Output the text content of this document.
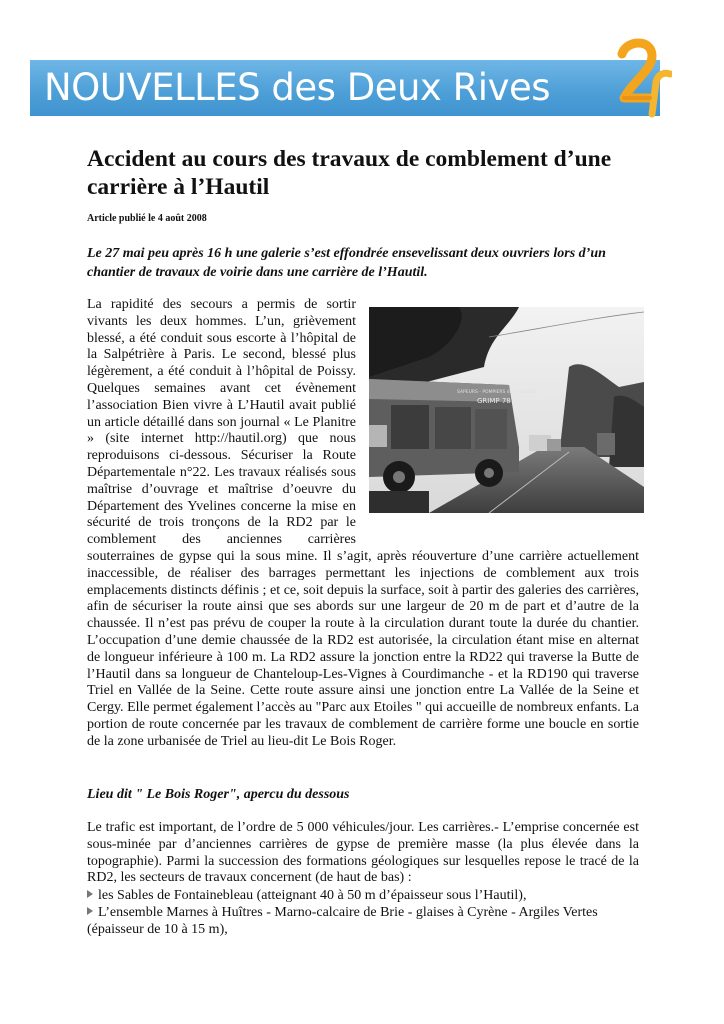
NOUVELLES des Deux Rives
Accident au cours des travaux de comblement d’une carrière à l’Hautil
Article publié le 4 août 2008

Le 27 mai peu après 16 h une galerie s’est effondrée ensevelissant deux ouvriers lors d’un chantier de travaux de voirie dans une carrière de l’Hautil.

SAPEURS - POMPIERS des YVELINES
GRIMP 78

La rapidité des secours a permis de sortir vivants les deux hommes. L’un, grièvement blessé, a été conduit sous escorte à l’hôpital de la Salpétrière à Paris. Le second, blessé plus légèrement, a été conduit à l’hôpital de Poissy. Quelques semaines avant cet évènement l’association Bien vivre à L’Hautil avait publié un article détaillé dans son journal « Le Planitre » (site internet http://hautil.org) que nous reproduisons ci-dessous. Sécuriser la Route Départementale n°22. Les travaux réalisés sous maîtrise d’ouvrage et maîtrise d’oeuvre du Département des Yvelines concerne la mise en sécurité de trois tronçons de la RD2 par le comblement des anciennes carrières souterraines de gypse qui la sous mine. Il s’agit, après réouverture d’une carrière actuellement inaccessible, de réaliser des barrages permettant les injections de comblement aux trois emplacements distincts définis ; et ce, soit depuis la surface, soit à partir des galeries des carrières, afin de sécuriser la route ainsi que ses abords sur une largeur de 20 m de part et d’autre de la chaussée. Il n’est pas prévu de couper la route à la circulation durant toute la durée du chantier. L’occupation d’une demie chaussée de la RD2 est autorisée, la circulation étant mise en alternat de longueur inférieure à 100 m. La RD2 assure la jonction entre la RD22 qui traverse la Butte de l’Hautil dans sa longueur de Chanteloup-Les-Vignes à Courdimanche - et la RD190 qui traverse Triel en Vallée de la Seine. Cette route assure ainsi une jonction entre La Vallée de la Seine et Cergy. Elle permet également l’accès au "Parc aux Etoiles " qui accueille de nombreux enfants. La portion de route concernée par les travaux de comblement de carrière forme une boucle en sortie de la zone urbanisée de Triel au lieu-dit Le Bois Roger.

Lieu dit " Le Bois Roger", apercu du dessous

Le trafic est important, de l’ordre de 5 000 véhicules/jour. Les carrières.- L’emprise concernée est sous-minée par d’anciennes carrières de gypse de première masse (la plus élevée dans la topographie). Parmi la succession des formations géologiques sur lesquelles repose le tracé de la RD2, les secteurs de travaux concernent (de haut de bas) :

les Sables de Fontainebleau (atteignant 40 à 50 m d’épaisseur sous l’Hautil),
L’ensemble Marnes à Huîtres - Marno-calcaire de Brie - glaises à Cyrène - Argiles Vertes (épaisseur de 10 à 15 m),
